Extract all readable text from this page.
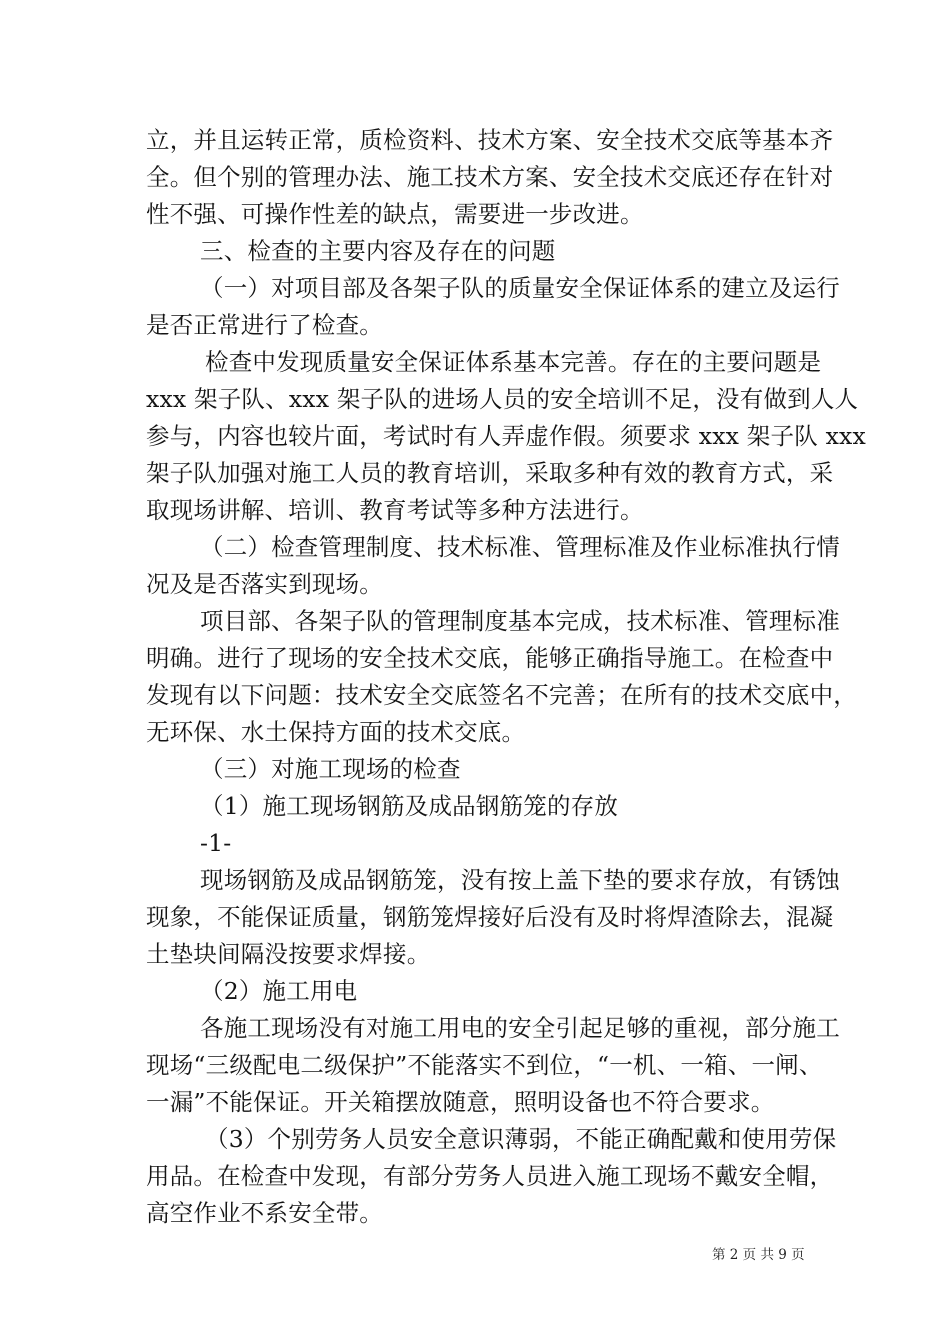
立，并且运转正常，质检资料、技术方案、安全技术交底等基本齐
全。但个别的管理办法、施工技术方案、安全技术交底还存在针对
性不强、可操作性差的缺点，需要进一步改进。
三、检查的主要内容及存在的问题
（一）对项目部及各架子队的质量安全保证体系的建立及运行
是否正常进行了检查。
检查中发现质量安全保证体系基本完善。存在的主要问题是
xxx 架子队、xxx 架子队的进场人员的安全培训不足，没有做到人人
参与，内容也较片面，考试时有人弄虚作假。须要求 xxx 架子队 xxx
架子队加强对施工人员的教育培训，采取多种有效的教育方式，采
取现场讲解、培训、教育考试等多种方法进行。
（二）检查管理制度、技术标准、管理标准及作业标准执行情
况及是否落实到现场。
项目部、各架子队的管理制度基本完成，技术标准、管理标准
明确。进行了现场的安全技术交底，能够正确指导施工。在检查中
发现有以下问题：技术安全交底签名不完善；在所有的技术交底中，
无环保、水土保持方面的技术交底。
（三）对施工现场的检查
（1）施工现场钢筋及成品钢筋笼的存放
-1-
现场钢筋及成品钢筋笼，没有按上盖下垫的要求存放，有锈蚀
现象，不能保证质量，钢筋笼焊接好后没有及时将焊渣除去，混凝
土垫块间隔没按要求焊接。
（2）施工用电
各施工现场没有对施工用电的安全引起足够的重视，部分施工
现场“三级配电二级保护”不能落实不到位，“一机、一箱、一闸、
一漏”不能保证。开关箱摆放随意，照明设备也不符合要求。
（3）个别劳务人员安全意识薄弱，不能正确配戴和使用劳保
用品。在检查中发现，有部分劳务人员进入施工现场不戴安全帽，
高空作业不系安全带。
第 2 页 共 9 页
